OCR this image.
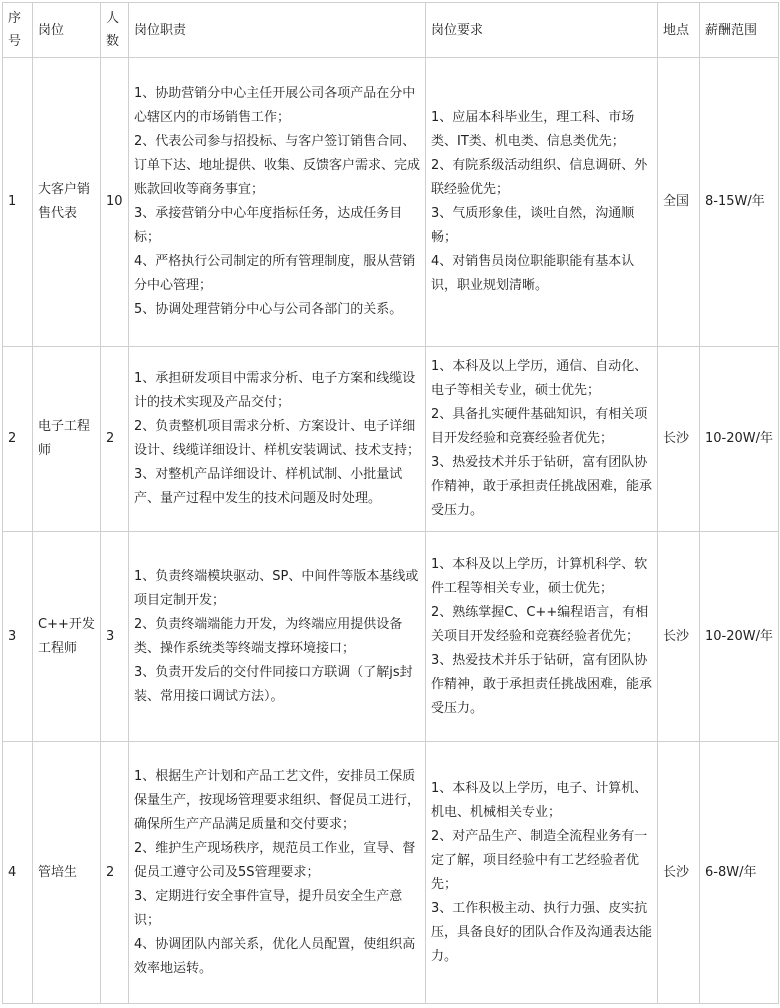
序号	岗位	人数	岗位职责	岗位要求	地点	薪酬范围
1	大客户销售代表	10	1、协助营销分中心主任开展公司各项产品在分中心辖区内的市场销售工作；
2、代表公司参与招投标、与客户签订销售合同、订单下达、地址提供、收集、反馈客户需求、完成账款回收等商务事宜；
3、承接营销分中心年度指标任务，达成任务目标；
4、严格执行公司制定的所有管理制度，服从营销分中心管理；
5、协调处理营销分中心与公司各部门的关系。	1、应届本科毕业生，理工科、市场类、IT类、机电类、信息类优先；
2、有院系级活动组织、信息调研、外联经验优先；
3、气质形象佳，谈吐自然，沟通顺畅；
4、对销售员岗位职能职能有基本认识，职业规划清晰。	全国	8-15W/年
2	电子工程师	2	1、承担研发项目中需求分析、电子方案和线缆设计的技术实现及产品交付；
2、负责整机项目需求分析、方案设计、电子详细设计、线缆详细设计、样机安装调试、技术支持；
3、对整机产品详细设计、样机试制、小批量试产、量产过程中发生的技术问题及时处理。	1、本科及以上学历，通信、自动化、电子等相关专业，硕士优先；
2、具备扎实硬件基础知识，有相关项目开发经验和竞赛经验者优先；
3、热爱技术并乐于钻研，富有团队协作精神，敢于承担责任挑战困难，能承受压力。	长沙	10-20W/年
3	C++开发工程师	3	1、负责终端模块驱动、SP、中间件等版本基线或项目定制开发；
2、负责终端端能力开发，为终端应用提供设备类、操作系统类等终端支撑环境接口；
3、负责开发后的交付件同接口方联调（了解js封装、常用接口调试方法）。	1、本科及以上学历，计算机科学、软件工程等相关专业，硕士优先；
2、熟练掌握C、C++编程语言，有相关项目开发经验和竞赛经验者优先；
3、热爱技术并乐于钻研，富有团队协作精神，敢于承担责任挑战困难，能承受压力。	长沙	10-20W/年
4	管培生	2	1、根据生产计划和产品工艺文件，安排员工保质保量生产，按现场管理要求组织、督促员工进行，确保所生产产品满足质量和交付要求；
2、维护生产现场秩序，规范员工作业，宣导、督促员工遵守公司及5S管理要求；
3、定期进行安全事件宣导，提升员安全生产意识；
4、协调团队内部关系，优化人员配置，使组织高效率地运转。	1、本科及以上学历，电子、计算机、机电、机械相关专业；
2、对产品生产、制造全流程业务有一定了解，项目经验中有工艺经验者优先；
3、工作积极主动、执行力强、皮实抗压，具备良好的团队合作及沟通表达能力。	长沙	6-8W/年
